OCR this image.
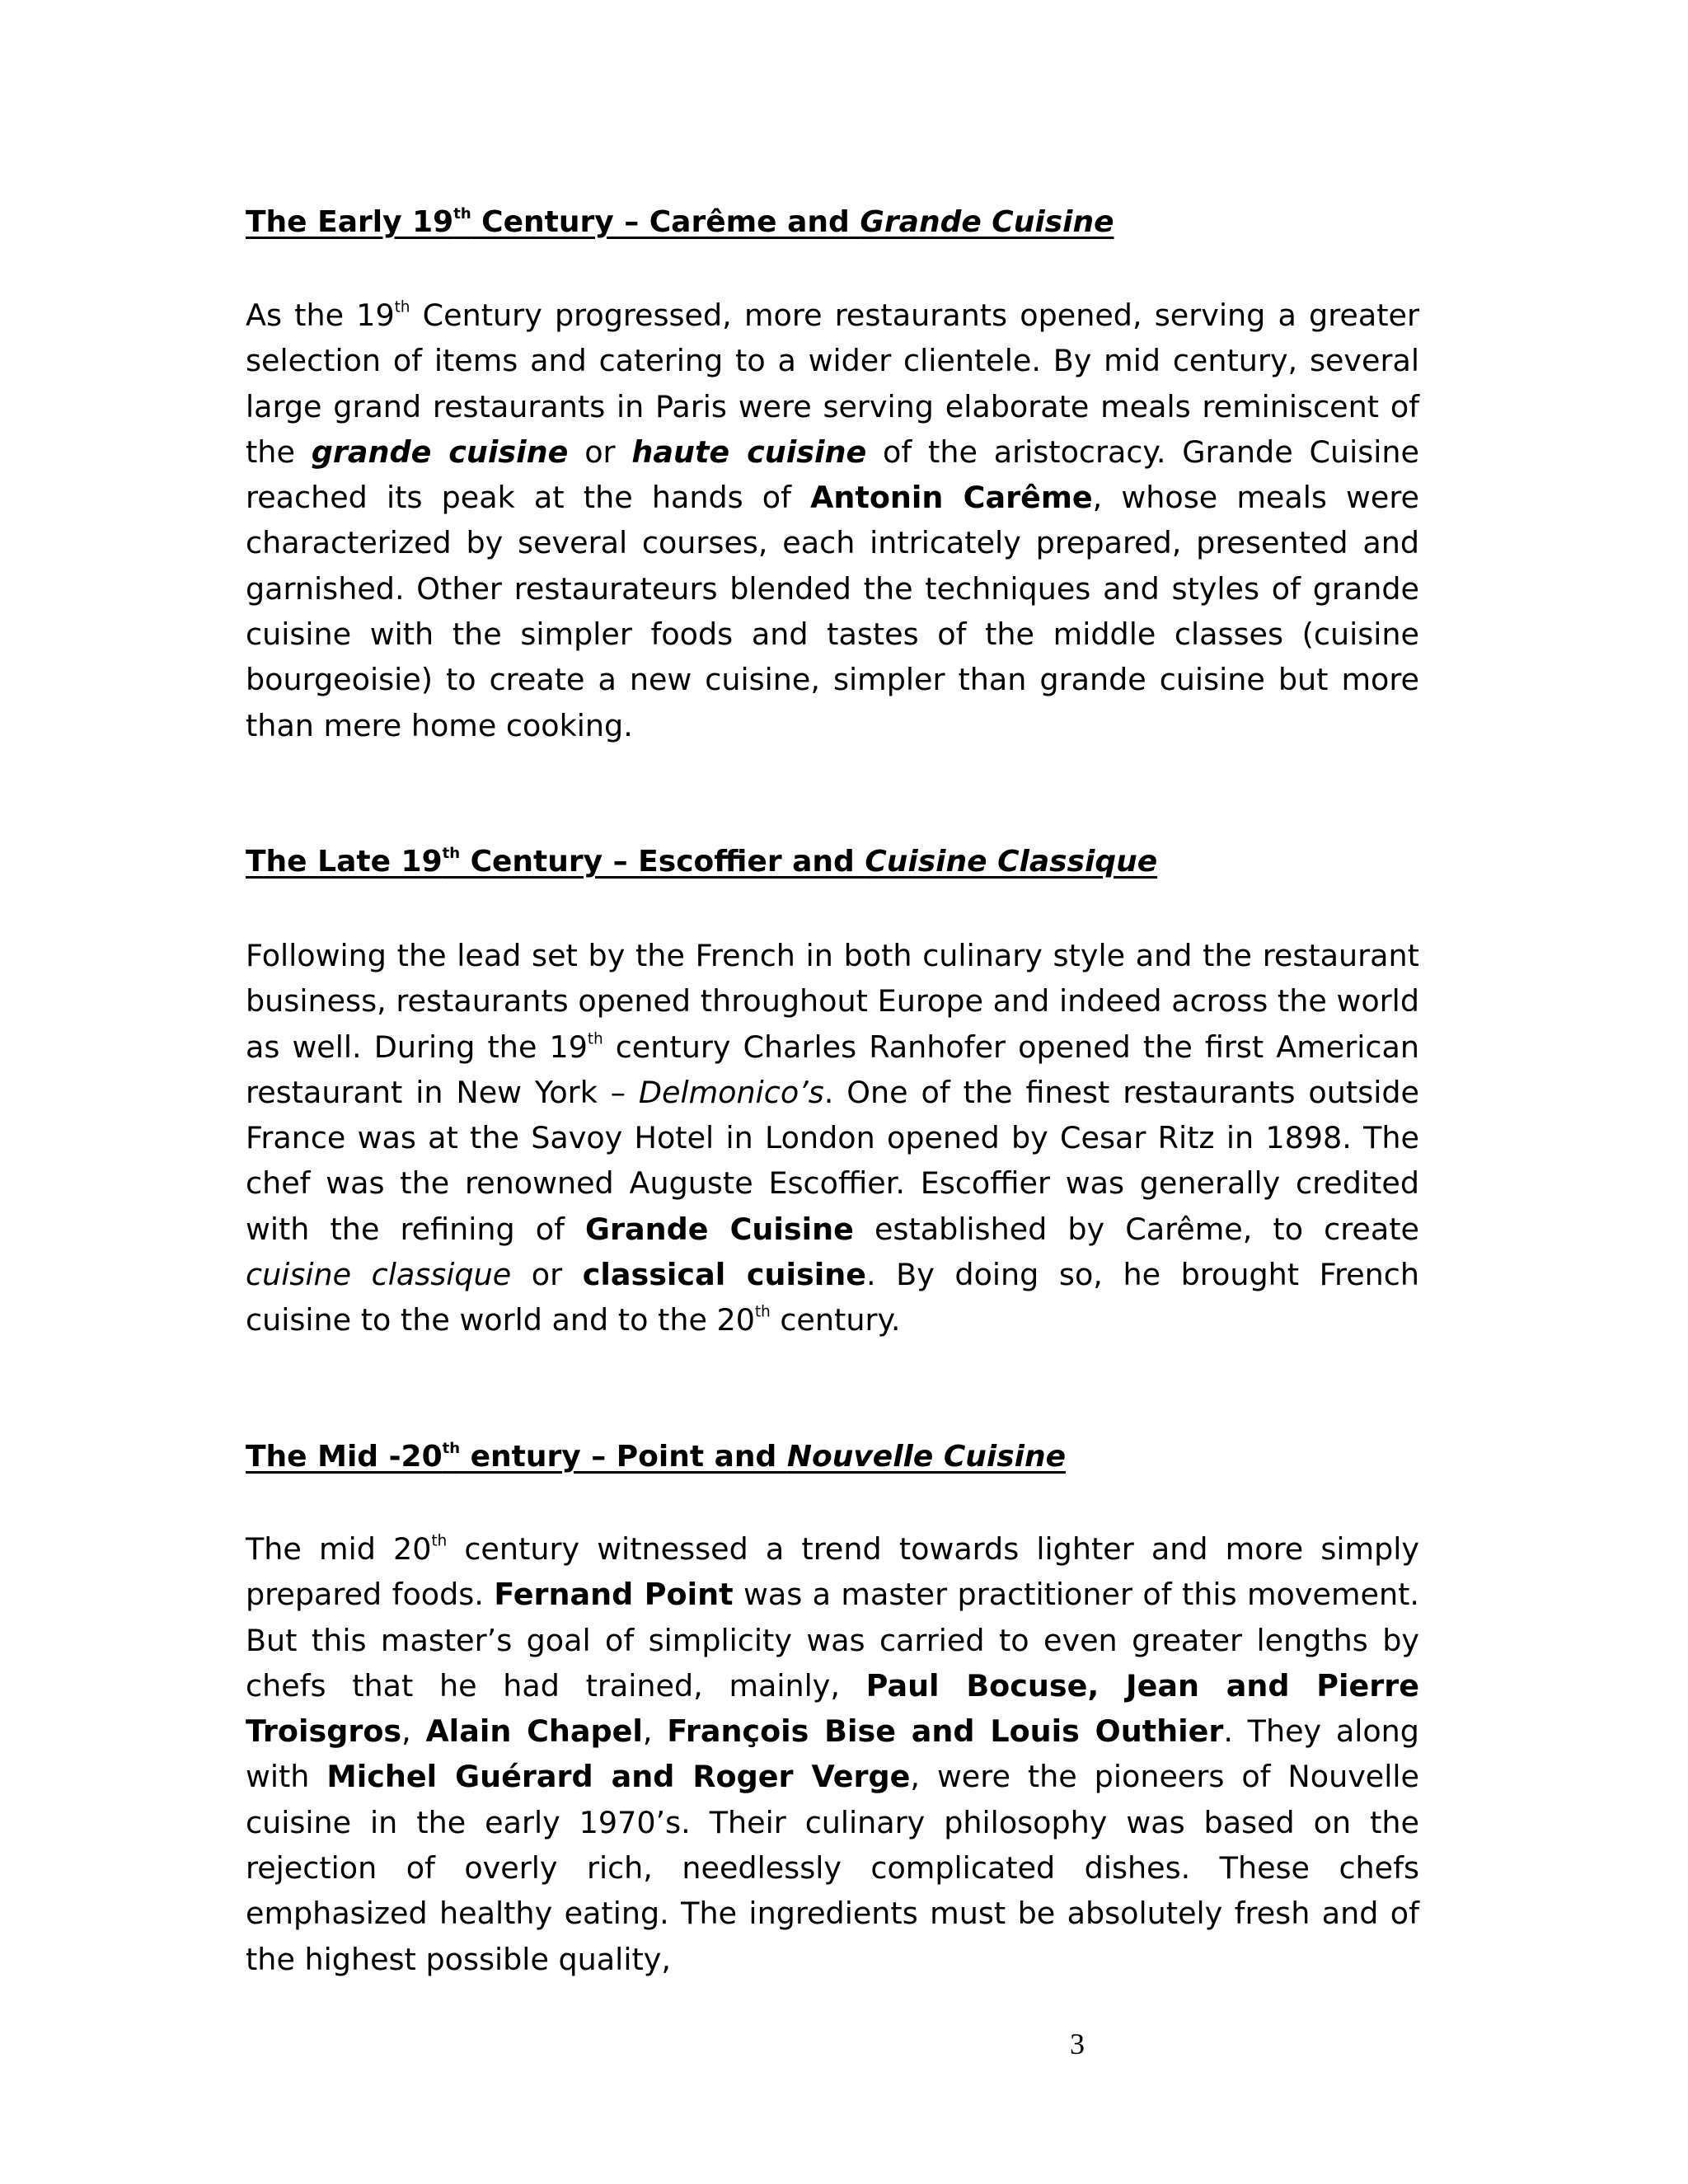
The Early 19th Century – Carême and Grande Cuisine

As the 19th Century progressed, more restaurants opened, serving a greater selection of items and catering to a wider clientele. By mid century, several large grand restaurants in Paris were serving elaborate meals reminiscent of the grande cuisine or haute cuisine of the aristocracy. Grande Cuisine reached its peak at the hands of Antonin Carême, whose meals were characterized by several courses, each intricately prepared, presented and garnished. Other restaurateurs blended the techniques and styles of grande cuisine with the simpler foods and tastes of the middle classes (cuisine bourgeoisie) to create a new cuisine, simpler than grande cuisine but more than mere home cooking.

The Late 19th Century – Escoffier and Cuisine Classique

Following the lead set by the French in both culinary style and the restaurant business, restaurants opened throughout Europe and indeed across the world as well. During the 19th century Charles Ranhofer opened the first American restaurant in New York – Delmonico’s. One of the finest restaurants outside France was at the Savoy Hotel in London opened by Cesar Ritz in 1898. The chef was the renowned Auguste Escoffier. Escoffier was generally credited with the refining of Grande Cuisine established by Carême, to create cuisine classique or classical cuisine. By doing so, he brought French cuisine to the world and to the 20th century.

The Mid -20th entury – Point and Nouvelle Cuisine

The mid 20th century witnessed a trend towards lighter and more simply prepared foods. Fernand Point was a master practitioner of this movement. But this master’s goal of simplicity was carried to even greater lengths by chefs that he had trained, mainly, Paul Bocuse, Jean and Pierre Troisgros, Alain Chapel, François Bise and Louis Outhier. They along with Michel Guérard and Roger Verge, were the pioneers of Nouvelle cuisine in the early 1970’s. Their culinary philosophy was based on the rejection of overly rich, needlessly complicated dishes. These chefs emphasized healthy eating. The ingredients must be absolutely fresh and of the highest possible quality,

3
